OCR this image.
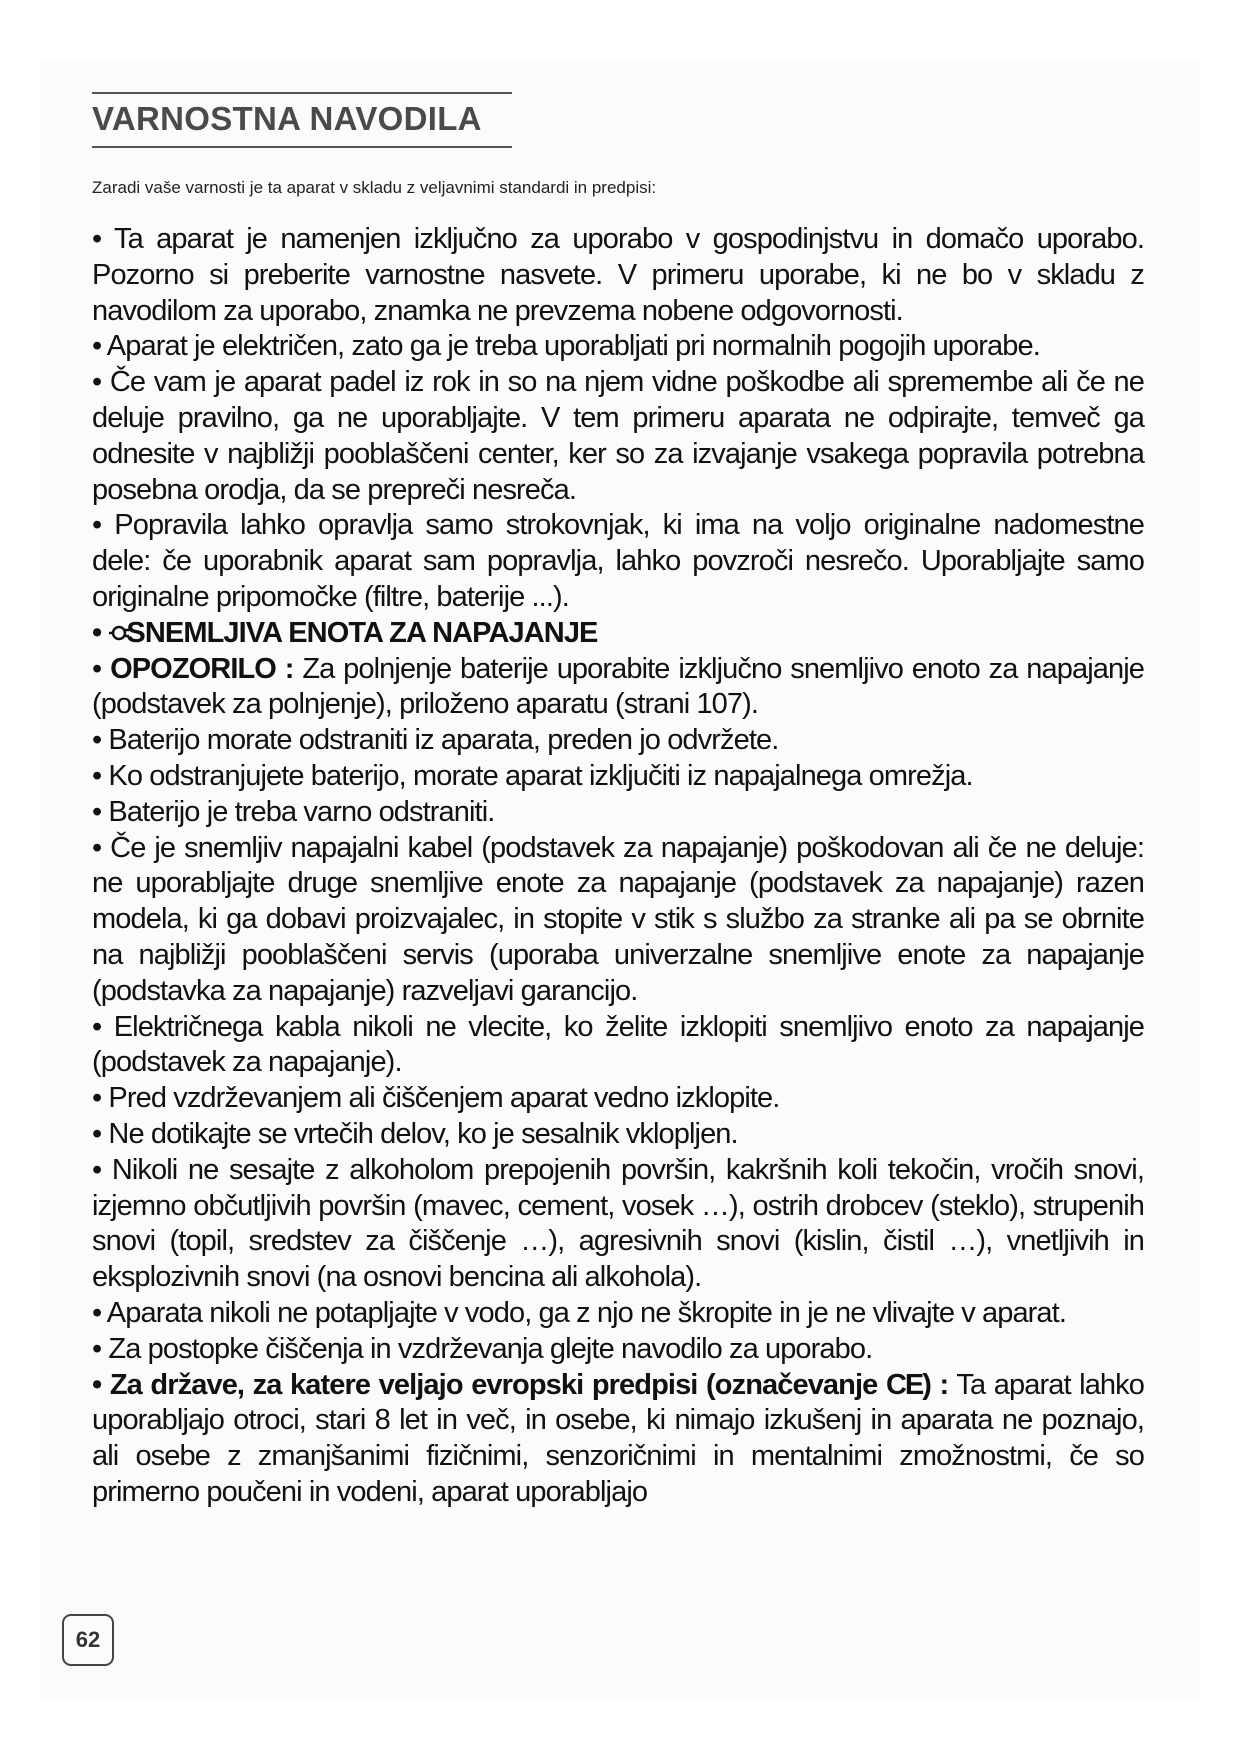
VARNOSTNA NAVODILA
Zaradi vaše varnosti je ta aparat v skladu z veljavnimi standardi in predpisi:

• Ta aparat je namenjen izključno za uporabo v gospodinjstvu in domačo uporabo. Pozorno si preberite varnostne nasvete. V primeru uporabe, ki ne bo v skladu z navodilom za uporabo, znamka ne prevzema nobene odgovornosti.

• Aparat je električen, zato ga je treba uporabljati pri normalnih pogojih uporabe.

• Če vam je aparat padel iz rok in so na njem vidne poškodbe ali spremembe ali če ne deluje pravilno, ga ne uporabljajte. V tem primeru aparata ne odpirajte, temveč ga odnesite v najbližji pooblaščeni center, ker so za izvajanje vsakega popravila potrebna posebna orodja, da se prepreči nesreča.

• Popravila lahko opravlja samo strokovnjak, ki ima na voljo originalne nadomestne dele: če uporabnik aparat sam popravlja, lahko povzroči nesrečo. Uporabljajte samo originalne pripomočke (filtre, baterije ...).

• SNEMLJIVA ENOTA ZA NAPAJANJE

• OPOZORILO : Za polnjenje baterije uporabite izključno snemljivo enoto za napajanje (podstavek za polnjenje), priloženo aparatu (strani 107).

• Baterijo morate odstraniti iz aparata, preden jo odvržete.

• Ko odstranjujete baterijo, morate aparat izključiti iz napajalnega omrežja.

• Baterijo je treba varno odstraniti.

• Če je snemljiv napajalni kabel (podstavek za napajanje) poškodovan ali če ne deluje: ne uporabljajte druge snemljive enote za napajanje (podstavek za napajanje) razen modela, ki ga dobavi proizvajalec, in stopite v stik s službo za stranke ali pa se obrnite na najbližji pooblaščeni servis (uporaba univerzalne snemljive enote za napajanje (podstavka za napajanje) razveljavi garancijo.

• Električnega kabla nikoli ne vlecite, ko želite izklopiti snemljivo enoto za napajanje (podstavek za napajanje).

• Pred vzdrževanjem ali čiščenjem aparat vedno izklopite.

• Ne dotikajte se vrtečih delov, ko je sesalnik vklopljen.

• Nikoli ne sesajte z alkoholom prepojenih površin, kakršnih koli tekočin, vročih snovi, izjemno občutljivih površin (mavec, cement, vosek …), ostrih drobcev (steklo), strupenih snovi (topil, sredstev za čiščenje …), agresivnih snovi (kislin, čistil …), vnetljivih in eksplozivnih snovi (na osnovi bencina ali alkohola).

• Aparata nikoli ne potapljajte v vodo, ga z njo ne škropite in je ne vlivajte v aparat.

• Za postopke čiščenja in vzdrževanja glejte navodilo za uporabo.

• Za države, za katere veljajo evropski predpisi (označevanje CE) : Ta aparat lahko uporabljajo otroci, stari 8 let in več, in osebe, ki nimajo izkušenj in aparata ne poznajo, ali osebe z zmanjšanimi fizičnimi, senzoričnimi in mentalnimi zmožnostmi, če so primerno poučeni in vodeni, aparat uporabljajo

62
